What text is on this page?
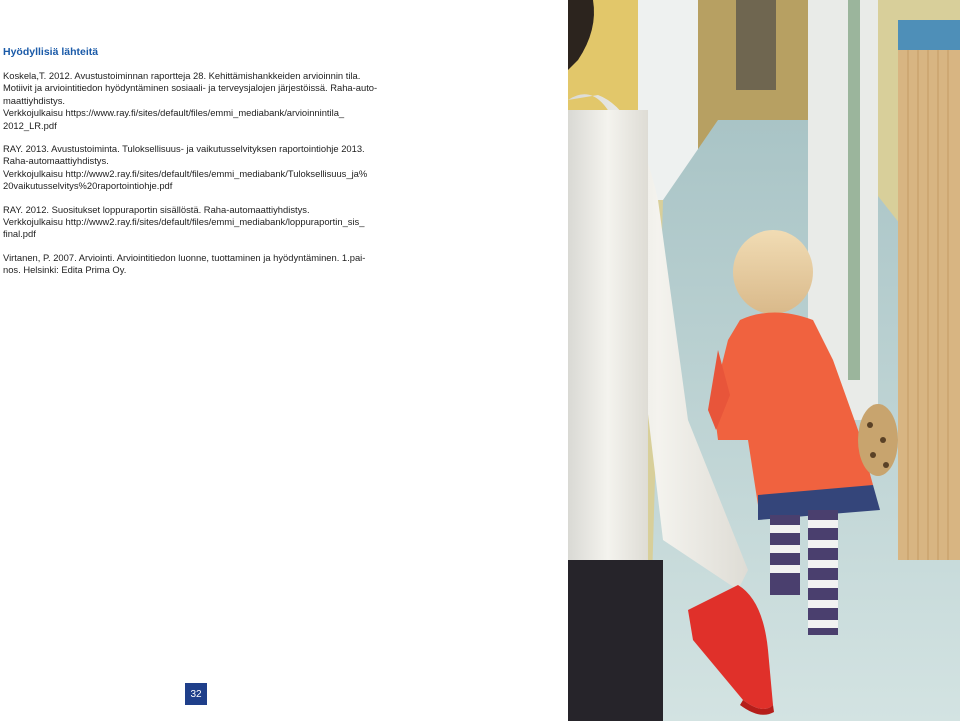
Hyödyllisiä lähteitä
Koskela,T. 2012. Avustustoiminnan raportteja 28. Kehittämishankkeiden arvioinnin tila.
Motiivit ja arviointitiedon hyödyntäminen sosiaali- ja terveysjalojen järjestöissä. Raha-auto-
maattiyhdistys.
Verkkojulkaisu https://www.ray.fi/sites/default/files/emmi_mediabank/arvioinnintila_
2012_LR.pdf
RAY. 2013. Avustustoiminta. Tuloksellisuus- ja vaikutusselvityksen raportointiohje 2013.
Raha-automaattiyhdistys.
Verkkojulkaisu http://www2.ray.fi/sites/default/files/emmi_mediabank/Tuloksellisuus_ja%
20vaikutusselvitys%20raportointiohje.pdf
RAY. 2012. Suositukset loppuraportin sisällöstä. Raha-automaattiyhdistys.
Verkkojulkaisu http://www2.ray.fi/sites/default/files/emmi_mediabank/loppuraportin_sis_
final.pdf
Virtanen, P. 2007. Arviointi. Arviointitiedon luonne, tuottaminen ja hyödyntäminen. 1.pai-
nos. Helsinki: Edita Prima Oy.
32
